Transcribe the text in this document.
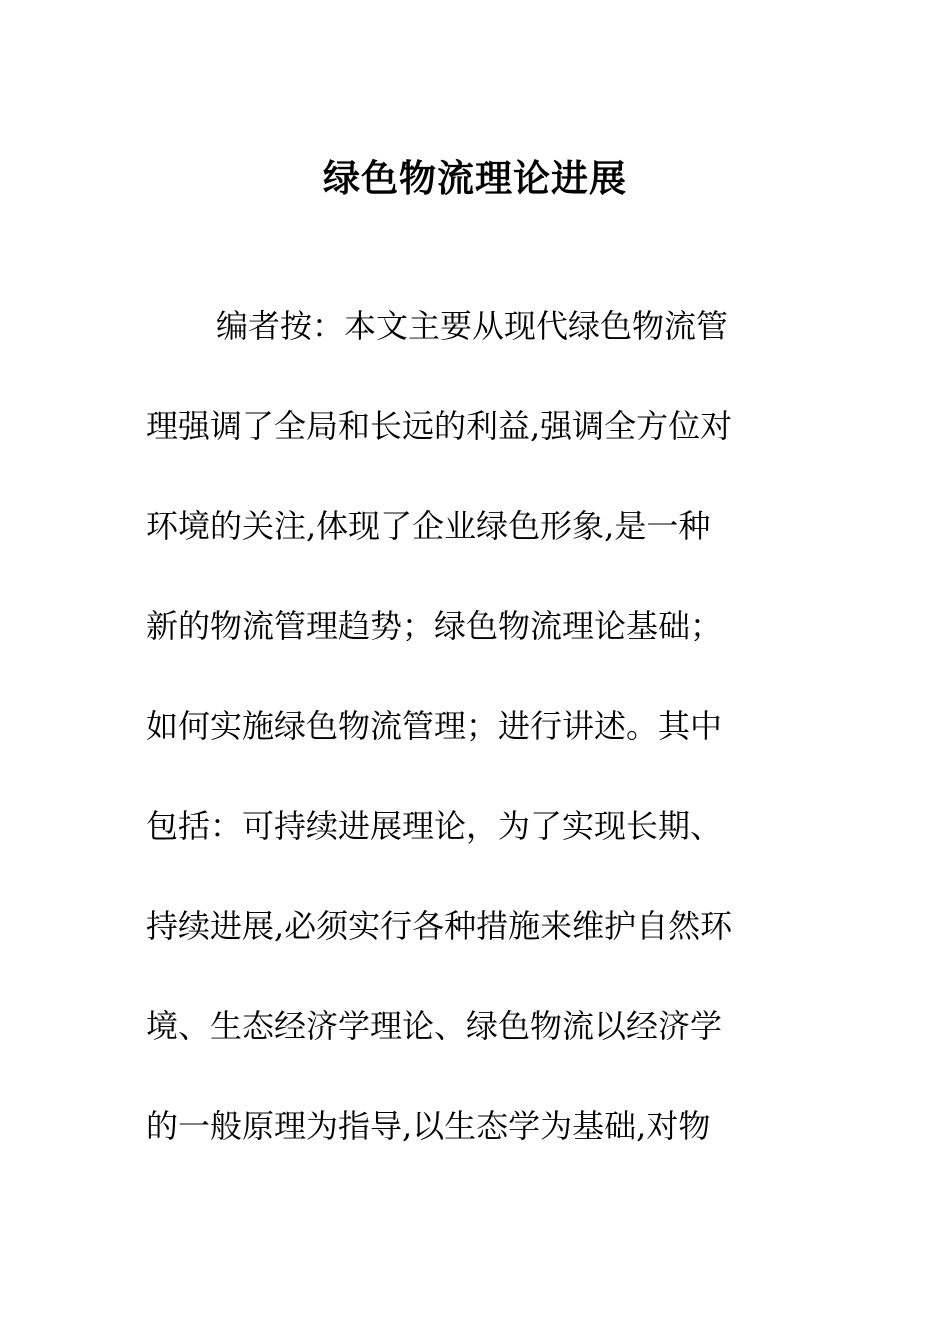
绿色物流理论进展
编者按：本文主要从现代绿色物流管
理强调了全局和长远的利益,强调全方位对
环境的关注,体现了企业绿色形象,是一种
新的物流管理趋势；绿色物流理论基础；
如何实施绿色物流管理；进行讲述。其中
包括：可持续进展理论，为了实现长期、
持续进展,必须实行各种措施来维护自然环
境、生态经济学理论、绿色物流以经济学
的一般原理为指导,以生态学为基础,对物
